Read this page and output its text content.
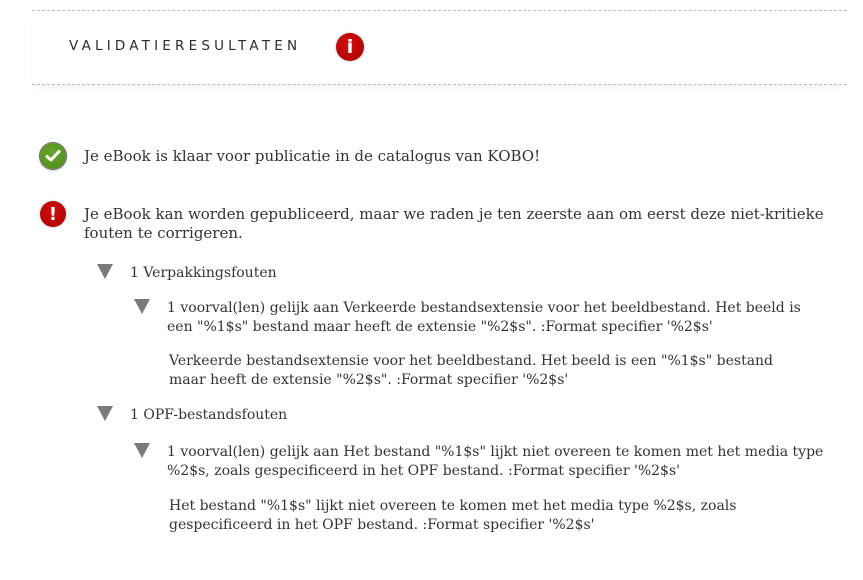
VALIDATIERESULTATEN i
Je eBook is klaar voor publicatie in de catalogus van KOBO!
! Je eBook kan worden gepubliceerd, maar we raden je ten zeerste aan om eerst deze niet-kritieke fouten te corrigeren.
1 Verpakkingsfouten
1 voorval(len) gelijk aan Verkeerde bestandsextensie voor het beeldbestand. Het beeld is een "%1$s" bestand maar heeft de extensie "%2$s". :Format specifier '%2$s'
Verkeerde bestandsextensie voor het beeldbestand. Het beeld is een "%1$s" bestand maar heeft de extensie "%2$s". :Format specifier '%2$s'
1 OPF-bestandsfouten
1 voorval(len) gelijk aan Het bestand "%1$s" lijkt niet overeen te komen met het media type %2$s, zoals gespecificeerd in het OPF bestand. :Format specifier '%2$s'
Het bestand "%1$s" lijkt niet overeen te komen met het media type %2$s, zoals gespecificeerd in het OPF bestand. :Format specifier '%2$s'
